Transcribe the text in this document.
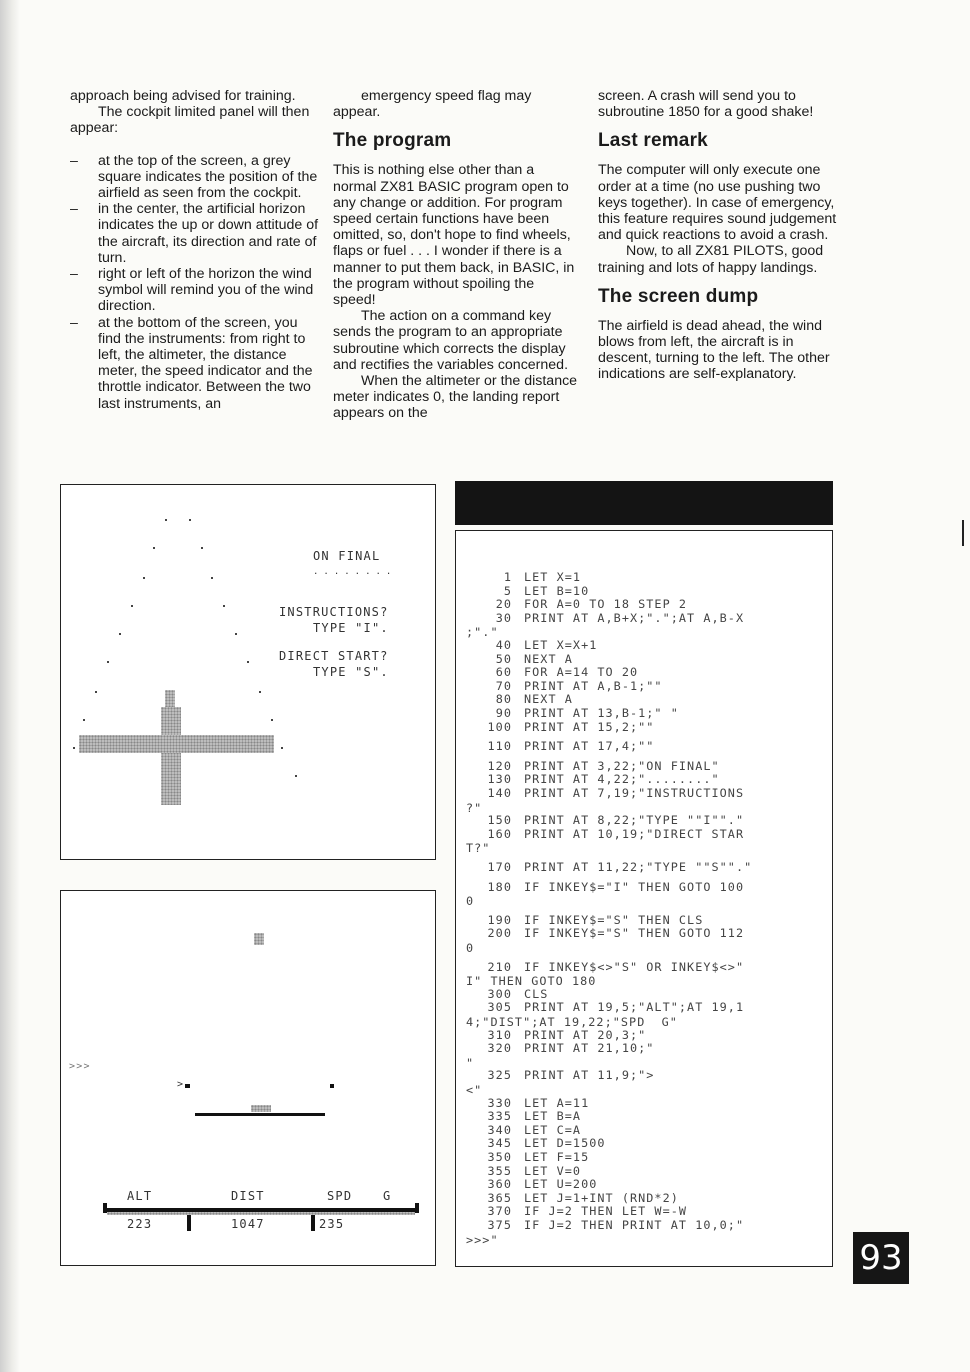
approach being advised for training.

The cockpit limited panel will then appear:

– at the top of the screen, a grey square indicates the position of the airfield as seen from the cockpit.
– in the center, the artificial horizon indicates the up or down attitude of the aircraft, its direction and rate of turn.
– right or left of the horizon the wind symbol will remind you of the wind direction.
– at the bottom of the screen, you find the instruments: from right to left, the altimeter, the distance meter, the speed indicator and the throttle indicator. Between the two last instruments, an

emergency speed flag may appear.

The program

This is nothing else other than a normal ZX81 BASIC program open to any change or addition. For program speed certain functions have been omitted, so, don't hope to find wheels, flaps or fuel . . . I wonder if there is a manner to put them back, in BASIC, in the program without spoiling the speed!

The action on a command key sends the program to an appropriate subroutine which corrects the display and rectifies the variables concerned.

When the altimeter or the distance meter indicates 0, the landing report appears on the

screen. A crash will send you to subroutine 1850 for a good shake!

Last remark

The computer will only execute one order at a time (no use pushing two keys together). In case of emergency, this feature requires sound judgement and quick reactions to avoid a crash.

Now, to all ZX81 PILOTS, good training and lots of happy landings.

The screen dump

The airfield is dead ahead, the wind blows from left, the aircraft is in descent, turning to the left. The other indications are self-explanatory.

ON FINAL
........
INSTRUCTIONS?
TYPE "I".
DIRECT START?
TYPE "S".
>>>
>
ALT	DIST	SPD	G
223	1047	235
1 LET X=1
5 LET B=10
20 FOR A=0 TO 18 STEP 2
30 PRINT AT A,B+X;".";AT A,B-X
;"."
40 LET X=X+1
50 NEXT A
60 FOR A=14 TO 20
70 PRINT AT A,B-1;""
80 NEXT A
90 PRINT AT 13,B-1;" "
100 PRINT AT 15,2;""
110 PRINT AT 17,4;""
120 PRINT AT 3,22;"ON FINAL"
130 PRINT AT 4,22;"........"
140 PRINT AT 7,19;"INSTRUCTIONS
?"
150 PRINT AT 8,22;"TYPE ""I""."
160 PRINT AT 10,19;"DIRECT STAR
T?"
170 PRINT AT 11,22;"TYPE ""S""."
180 IF INKEY$="I" THEN GOTO 100
0
190 IF INKEY$="S" THEN CLS
200 IF INKEY$="S" THEN GOTO 112
0
210 IF INKEY$<>"S" OR INKEY$<>"
I" THEN GOTO 180
300 CLS
305 PRINT AT 19,5;"ALT";AT 19,1
4;"DIST";AT 19,22;"SPD  G"
310 PRINT AT 20,3;"
320 PRINT AT 21,10;"
"
325 PRINT AT 11,9;">
<"
330 LET A=11
335 LET B=A
340 LET C=A
345 LET D=1500
350 LET F=15
355 LET V=0
360 LET U=200
365 LET J=1+INT (RND*2)
370 IF J=2 THEN LET W=-W
375 IF J=2 THEN PRINT AT 10,0;"
>>>"	93
